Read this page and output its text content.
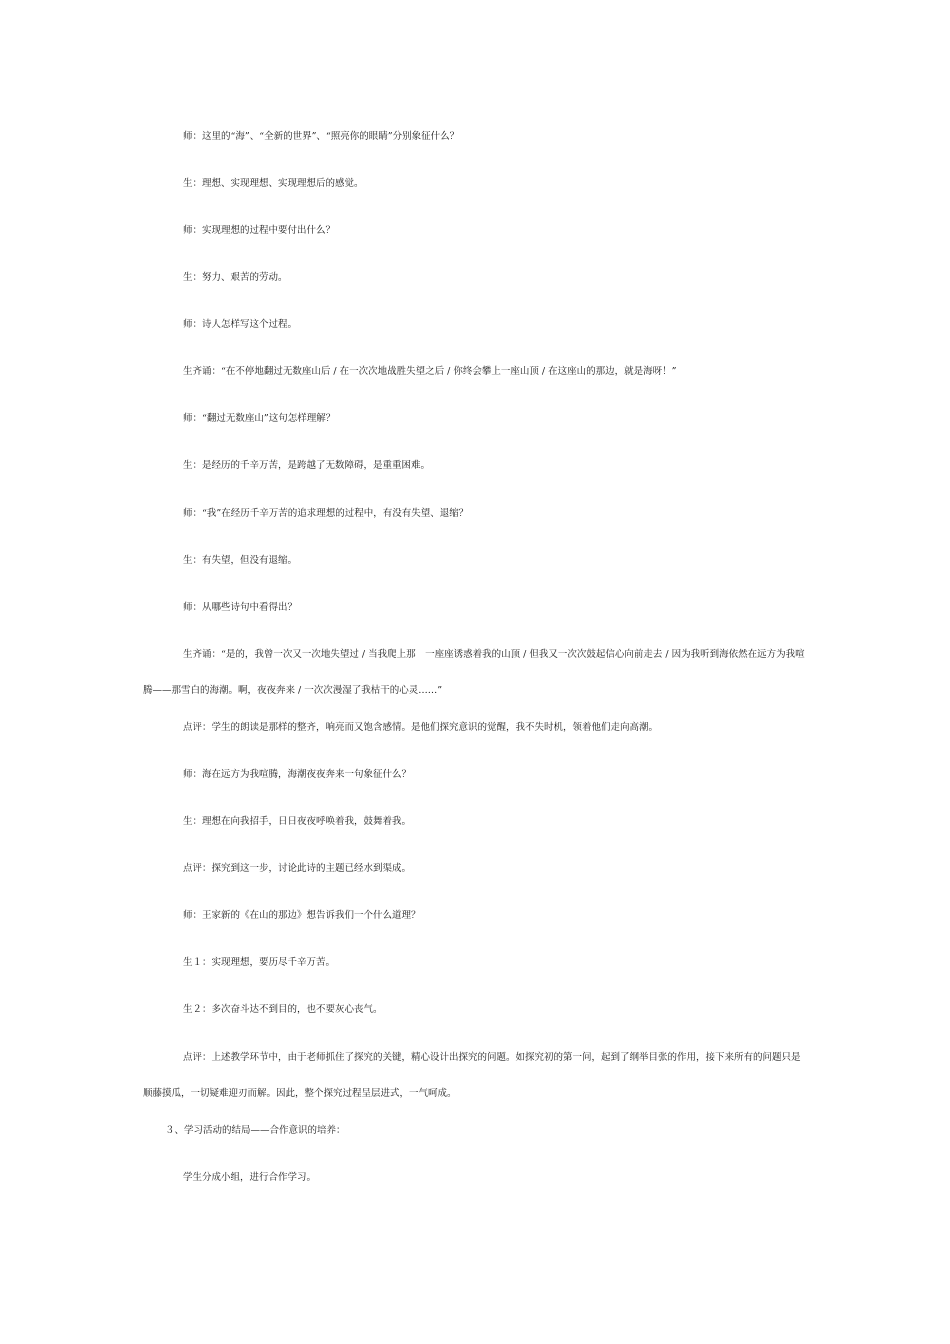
师：这里的“海”、“全新的世界”、“照亮你的眼睛”分别象征什么？

生：理想、实现理想、实现理想后的感觉。

师：实现理想的过程中要付出什么？

生：努力、艰苦的劳动。

师：诗人怎样写这个过程。

生齐诵：“在不停地翻过无数座山后 / 在一次次地战胜失望之后 / 你终会攀上一座山顶 / 在这座山的那边，就是海呀！”

师：“翻过无数座山”这句怎样理解？

生：是经历的千辛万苦，是跨越了无数障碍，是重重困难。

师：“我”在经历千辛万苦的追求理想的过程中，有没有失望、退缩？

生：有失望，但没有退缩。

师：从哪些诗句中看得出？

生齐诵：“是的，我曾一次又一次地失望过 / 当我爬上那　一座座诱惑着我的山顶 / 但我又一次次鼓起信心向前走去 / 因为我听到海依然在远方为我喧腾——那雪白的海潮。啊，夜夜奔来 / 一次次漫湿了我枯干的心灵……”

点评：学生的朗读是那样的整齐，响亮而又饱含感情。是他们探究意识的觉醒，我不失时机，领着他们走向高潮。

师：海在远方为我喧腾，海潮夜夜奔来一句象征什么？

生：理想在向我招手，日日夜夜呼唤着我，鼓舞着我。

点评：探究到这一步，讨论此诗的主题已经水到渠成。

师：王家新的《在山的那边》想告诉我们一个什么道理？

生１：实现理想，要历尽千辛万苦。

生２：多次奋斗达不到目的，也不要灰心丧气。

点评：上述教学环节中，由于老师抓住了探究的关键，精心设计出探究的问题。如探究初的第一问，起到了纲举目张的作用，接下来所有的问题只是顺藤摸瓜，一切疑难迎刃而解。因此，整个探究过程呈层进式，一气呵成。

３、学习活动的结局——合作意识的培养：

学生分成小组，进行合作学习。
